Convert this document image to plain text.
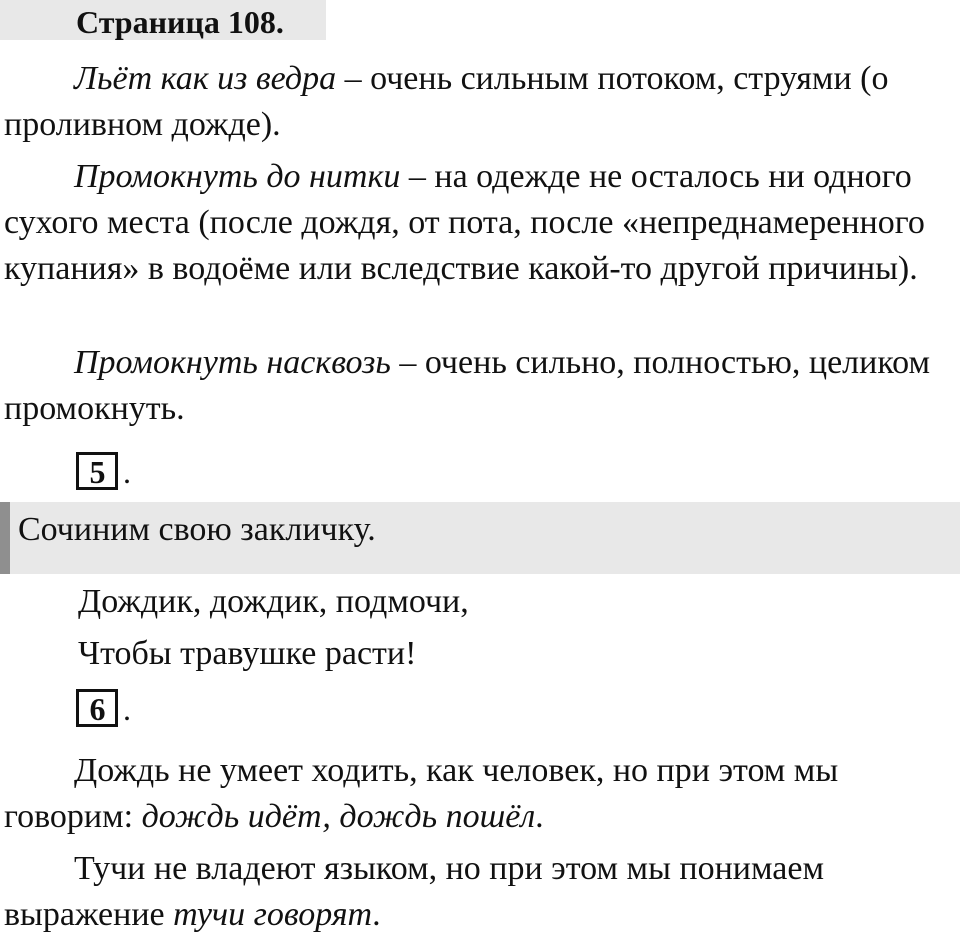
Страница 108.

Льёт как из ведра – очень сильным потоком, струями (о проливном дожде).

Промокнуть до нитки – на одежде не осталось ни одного сухого места (после дождя, от пота, после «непреднамеренного купания» в водоёме или вследствие какой-то другой причины).

Промокнуть насквозь – очень сильно, полностью, целиком промокнуть.

5 .
Сочиним свою закличку.
Дождик, дождик, подмочи,
Чтобы травушке расти!
6 .

Дождь не умеет ходить, как человек, но при этом мы говорим: дождь идёт, дождь пошёл.

Тучи не владеют языком, но при этом мы понимаем выражение тучи говорят.
